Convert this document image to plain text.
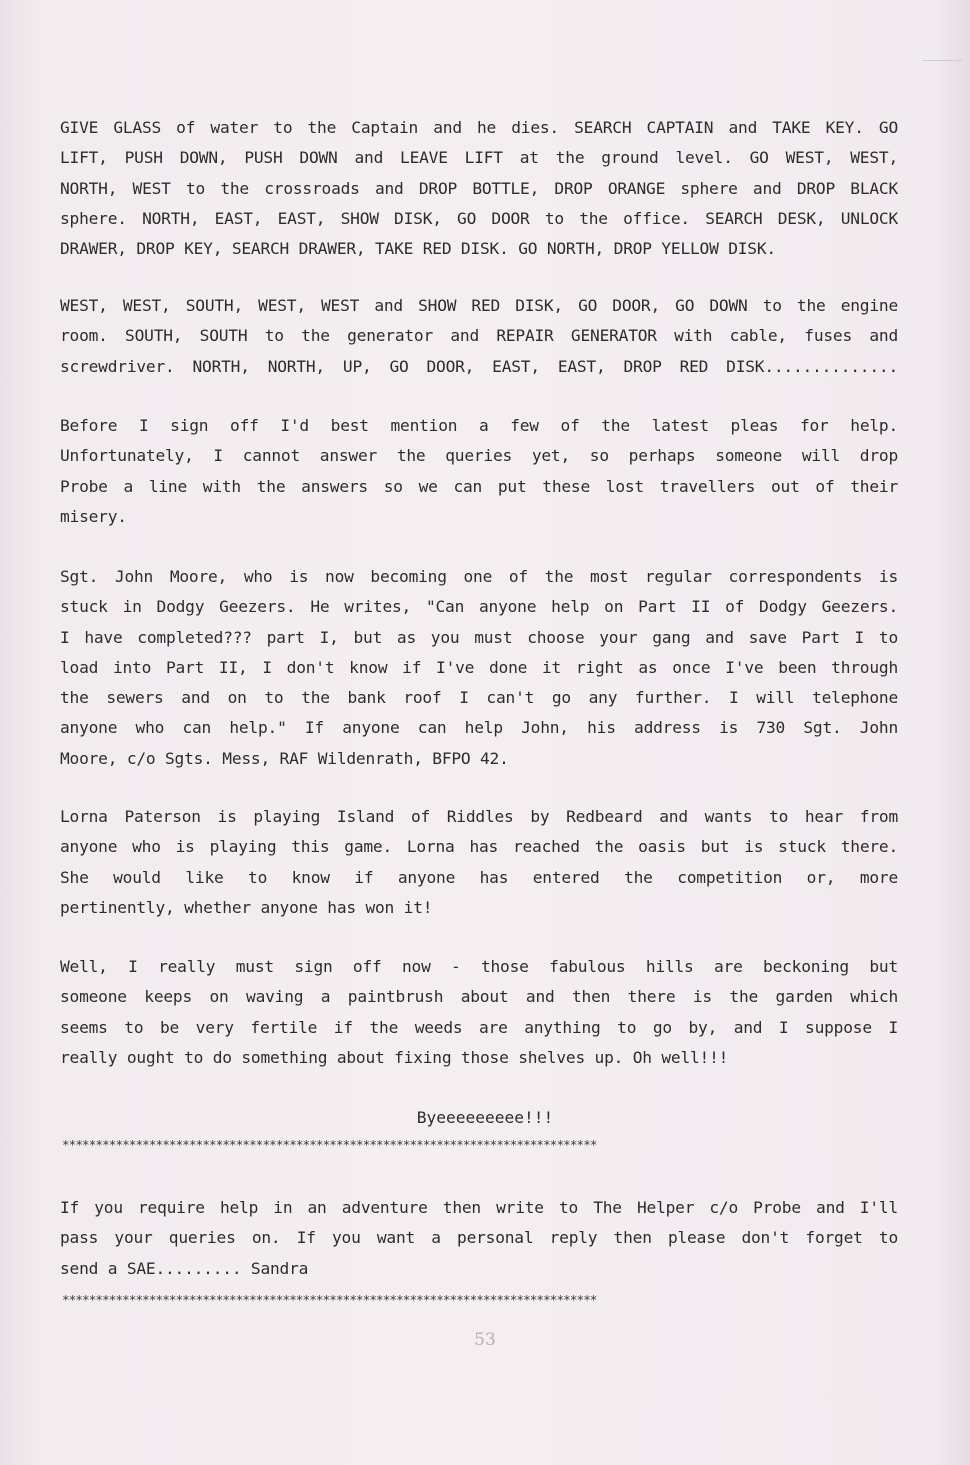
GIVE GLASS of water to the Captain and he dies. SEARCH CAPTAIN and TAKE KEY. GO
LIFT, PUSH DOWN, PUSH DOWN and LEAVE LIFT at the ground level. GO WEST, WEST,
NORTH, WEST to the crossroads and DROP BOTTLE, DROP ORANGE sphere and DROP BLACK
sphere. NORTH, EAST, EAST, SHOW DISK, GO DOOR to the office. SEARCH DESK, UNLOCK
DRAWER, DROP KEY, SEARCH DRAWER, TAKE RED DISK. GO NORTH, DROP YELLOW DISK.
WEST, WEST, SOUTH, WEST, WEST and SHOW RED DISK, GO DOOR, GO DOWN to the engine
room. SOUTH, SOUTH to the generator and REPAIR GENERATOR with cable, fuses and
screwdriver. NORTH, NORTH, UP, GO DOOR, EAST, EAST, DROP RED DISK..............
Before I sign off I'd best mention a few of the latest pleas for help.
Unfortunately, I cannot answer the queries yet, so perhaps someone will drop
Probe a line with the answers so we can put these lost travellers out of their
misery.
Sgt. John Moore, who is now becoming one of the most regular correspondents is
stuck in Dodgy Geezers. He writes, "Can anyone help on Part II of Dodgy Geezers.
I have completed??? part I, but as you must choose your gang and save Part I to
load into Part II, I don't know if I've done it right as once I've been through
the sewers and on to the bank roof I can't go any further. I will telephone
anyone who can help." If anyone can help John, his address is 730 Sgt. John
Moore, c/o Sgts. Mess, RAF Wildenrath, BFPO 42.
Lorna Paterson is playing Island of Riddles by Redbeard and wants to hear from
anyone who is playing this game. Lorna has reached the oasis but is stuck there.
She would like to know if anyone has entered the competition or, more
pertinently, whether anyone has won it!
Well, I really must sign off now - those fabulous hills are beckoning but
someone keeps on waving a paintbrush about and then there is the garden which
seems to be very fertile if the weeds are anything to go by, and I suppose I
really ought to do something about fixing those shelves up. Oh well!!!
Byeeeeeeeee!!!
********************************************************************************
If you require help in an adventure then write to The Helper c/o Probe and I'll
pass your queries on. If you want a personal reply then please don't forget to
send a SAE......... Sandra
********************************************************************************
53
